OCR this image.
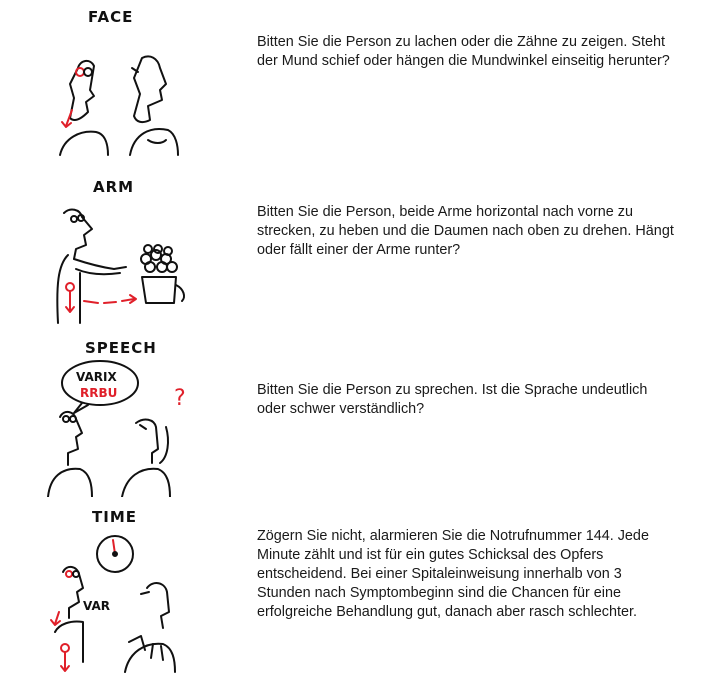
FACE

Bitten Sie die Person zu lachen oder die Zähne zu zeigen. Steht der Mund schief oder hängen die Mundwinkel einseitig herunter?

ARM

Bitten Sie die Person, beide Arme horizontal nach vorne zu strecken, zu heben und die Daumen nach oben zu drehen. Hängt oder fällt einer der Arme runter?

SPEECH
VARIX
RRBU	?	Bitten Sie die Person zu sprechen. Ist die Sprache undeutlich oder schwer verständlich?

TIME
VAR

Zögern Sie nicht, alarmieren Sie die Notrufnummer 144. Jede Minute zählt und ist für ein gutes Schicksal des Opfers entscheidend. Bei einer Spitaleinweisung innerhalb von 3 Stunden nach Symptombeginn sind die Chancen für eine erfolgreiche Behandlung gut, danach aber rasch schlechter.
